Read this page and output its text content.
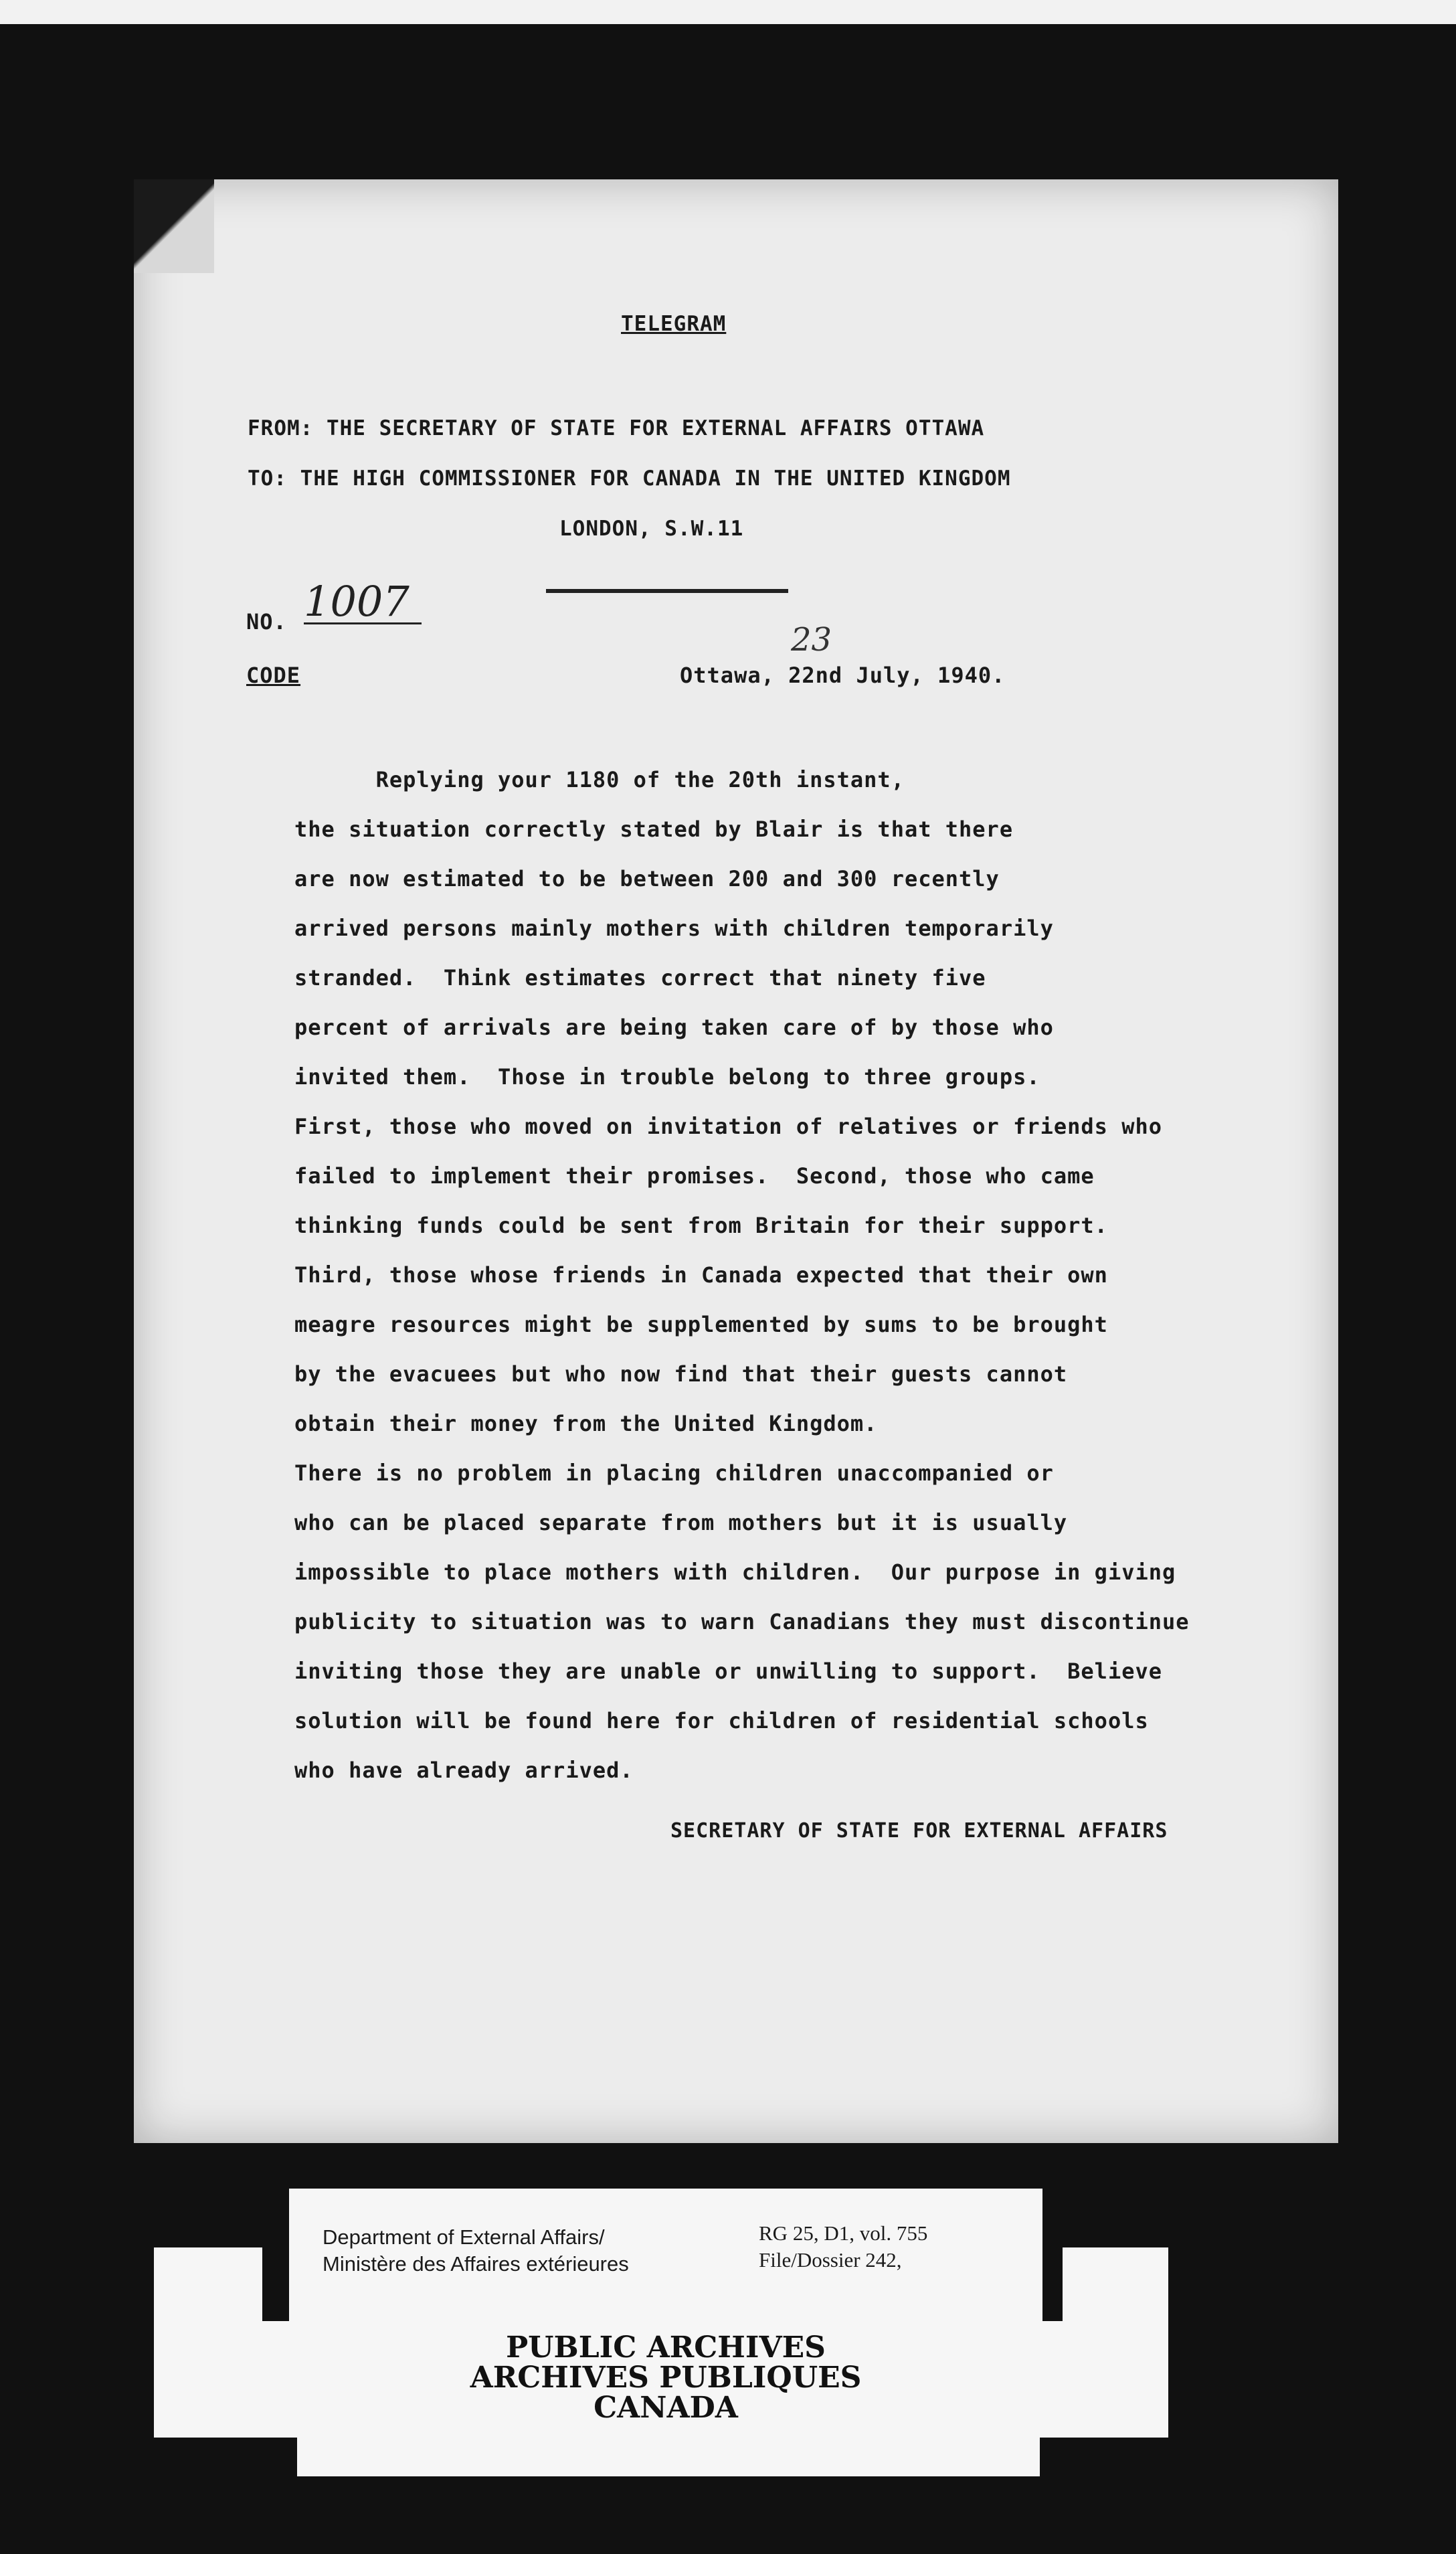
TELEGRAM
FROM: THE SECRETARY OF STATE FOR EXTERNAL AFFAIRS OTTAWA
TO: THE HIGH COMMISSIONER FOR CANADA IN THE UNITED KINGDOM
LONDON, S.W.11
NO. 1007
CODE
23
Ottawa, 22nd July, 1940.
Replying your 1180 of the 20th instant,
the situation correctly stated by Blair is that there
are now estimated to be between 200 and 300 recently
arrived persons mainly mothers with children temporarily
stranded.  Think estimates correct that ninety five
percent of arrivals are being taken care of by those who
invited them.  Those in trouble belong to three groups.
First, those who moved on invitation of relatives or friends who
failed to implement their promises.  Second, those who came
thinking funds could be sent from Britain for their support.
Third, those whose friends in Canada expected that their own
meagre resources might be supplemented by sums to be brought
by the evacuees but who now find that their guests cannot
obtain their money from the United Kingdom.
There is no problem in placing children unaccompanied or
who can be placed separate from mothers but it is usually
impossible to place mothers with children.  Our purpose in giving
publicity to situation was to warn Canadians they must discontinue
inviting those they are unable or unwilling to support.  Believe
solution will be found here for children of residential schools
who have already arrived.
SECRETARY OF STATE FOR EXTERNAL AFFAIRS
Department of External Affairs/
Ministère des Affaires extérieures
RG 25, D1, vol. 755
File/Dossier 242,
PUBLIC ARCHIVES
ARCHIVES PUBLIQUES
CANADA
